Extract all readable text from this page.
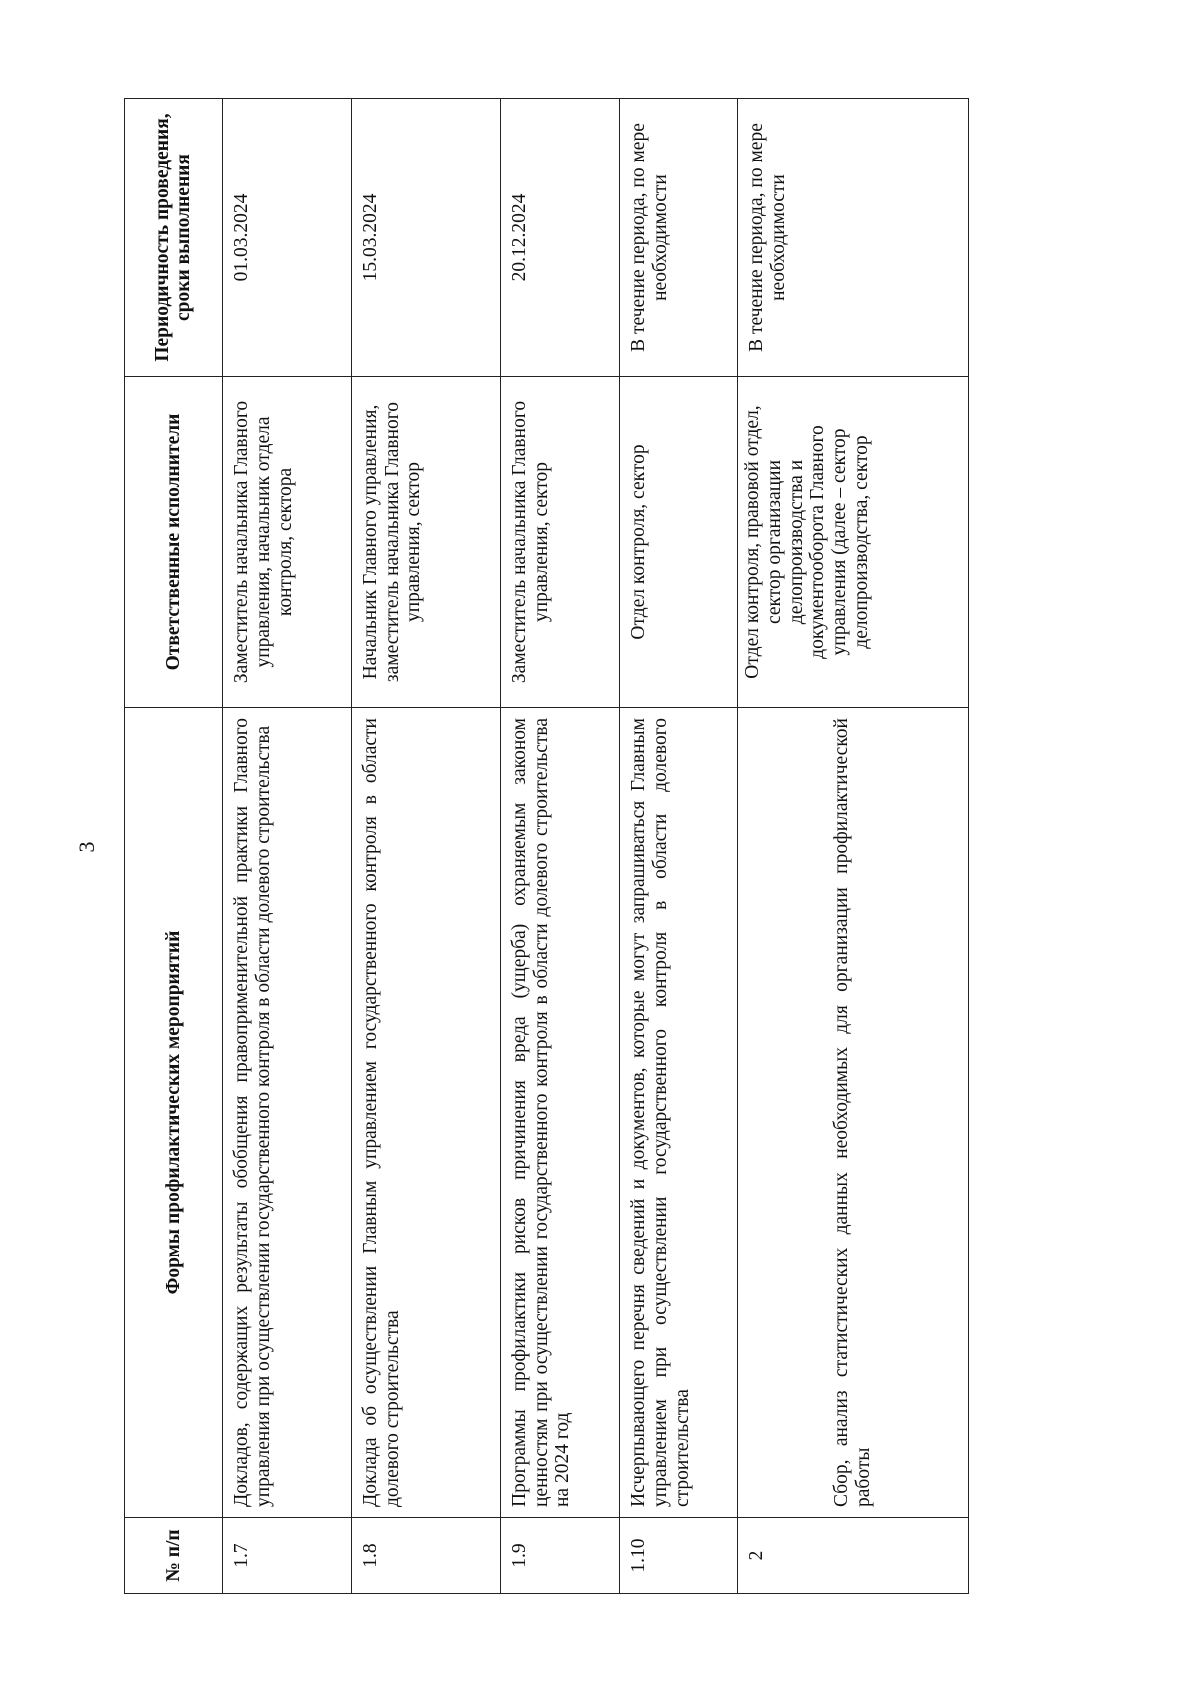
3
№ п/п	Формы профилактических мероприятий	Ответственные исполнители	Периодичность проведения, сроки выполнения
1.7	Докладов, содержащих результаты обобщения правоприменительной практики Главного управления при осуществлении государственного контроля в области долевого строительства	Заместитель начальника Главного управления, начальник отдела контроля, сектора	01.03.2024
1.8	Доклада об осуществлении Главным управлением государственного контроля в области долевого строительства	Начальник Главного управления, заместитель начальника Главного управления, сектор	15.03.2024
1.9	Программы профилактики рисков причинения вреда (ущерба) охраняемым законом ценностям при осуществлении государственного контроля в области долевого строительства на 2024 год	Заместитель начальника Главного управления, сектор	20.12.2024
1.10	Исчерпывающего перечня сведений и документов, которые могут запрашиваться Главным управлением при осуществлении государственного контроля в области долевого строительства	Отдел контроля, сектор	В течение периода, по мере необходимости
2	Сбор, анализ статистических данных необходимых для организации профилактической работы	Отдел контроля, правовой отдел, сектор организации делопроизводства и документооборота Главного управления (далее – сектор делопроизводства, сектор	В течение периода, по мере необходимости
